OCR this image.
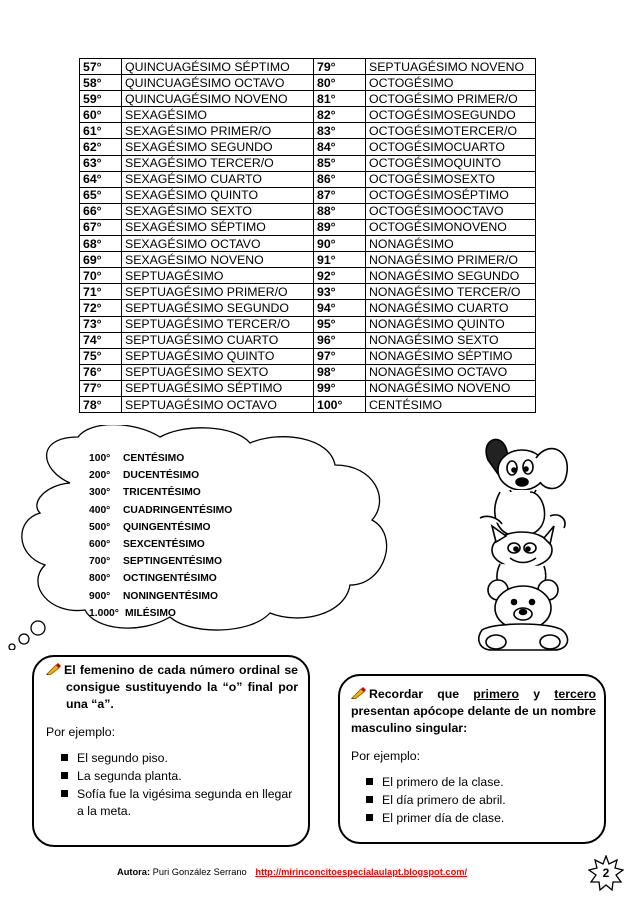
57°	QUINCUAGÉSIMO SÉPTIMO	79°	SEPTUAGÉSIMO NOVENO
58°	QUINCUAGÉSIMO OCTAVO	80°	OCTOGÉSIMO
59°	QUINCUAGÉSIMO NOVENO	81°	OCTOGÉSIMO PRIMER/O
60°	SEXAGÉSIMO	82°	OCTOGÉSIMOSEGUNDO
61°	SEXAGÉSIMO PRIMER/O	83°	OCTOGÉSIMOTERCER/O
62°	SEXAGÉSIMO SEGUNDO	84°	OCTOGÉSIMOCUARTO
63°	SEXAGÉSIMO TERCER/O	85°	OCTOGÉSIMOQUINTO
64°	SEXAGÉSIMO CUARTO	86°	OCTOGÉSIMOSEXTO
65°	SEXAGÉSIMO QUINTO	87°	OCTOGÉSIMOSÉPTIMO
66°	SEXAGÉSIMO SEXTO	88°	OCTOGÉSIMOOCTAVO
67°	SEXAGÉSIMO SÉPTIMO	89°	OCTOGÉSIMONOVENO
68°	SEXAGÉSIMO OCTAVO	90°	NONAGÉSIMO
69°	SEXAGÉSIMO NOVENO	91°	NONAGÉSIMO PRIMER/O
70°	SEPTUAGÉSIMO	92°	NONAGÉSIMO SEGUNDO
71°	SEPTUAGÉSIMO PRIMER/O	93°	NONAGÉSIMO TERCER/O
72°	SEPTUAGÉSIMO SEGUNDO	94°	NONAGÉSIMO CUARTO
73°	SEPTUAGÉSIMO TERCER/O	95°	NONAGÉSIMO QUINTO
74°	SEPTUAGÉSIMO CUARTO	96°	NONAGÉSIMO SEXTO
75°	SEPTUAGÉSIMO QUINTO	97°	NONAGÉSIMO SÉPTIMO
76°	SEPTUAGÉSIMO SEXTO	98°	NONAGÉSIMO OCTAVO
77°	SEPTUAGÉSIMO SÉPTIMO	99°	NONAGÉSIMO NOVENO
78°	SEPTUAGÉSIMO OCTAVO	100°	CENTÉSIMO
100°	CENTÉSIMO
200°	DUCENTÉSIMO
300°	TRICENTÉSIMO
400°	CUADRINGENTÉSIMO
500°	QUINGENTÉSIMO
600°	SEXCENTÉSIMO
700°	SEPTINGENTÉSIMO
800°	OCTINGENTÉSIMO
900°	NONINGENTÉSIMO
1.000° MILÉSIMO
El femenino de cada número ordinal se consigue sustituyendo la “o” final por una “a”.
Por ejemplo:
El segundo piso.
La segunda planta.
Sofía fue la vigésima segunda en llegar a la meta.
Recordar que primero y tercero presentan apócope delante de un nombre masculino singular:
Por ejemplo:
El primero de la clase.
El día primero de abril.
El primer día de clase.
Autora: Puri González Serrano http://mirinconcitoespecialaulapt.blogspot.com/	2
